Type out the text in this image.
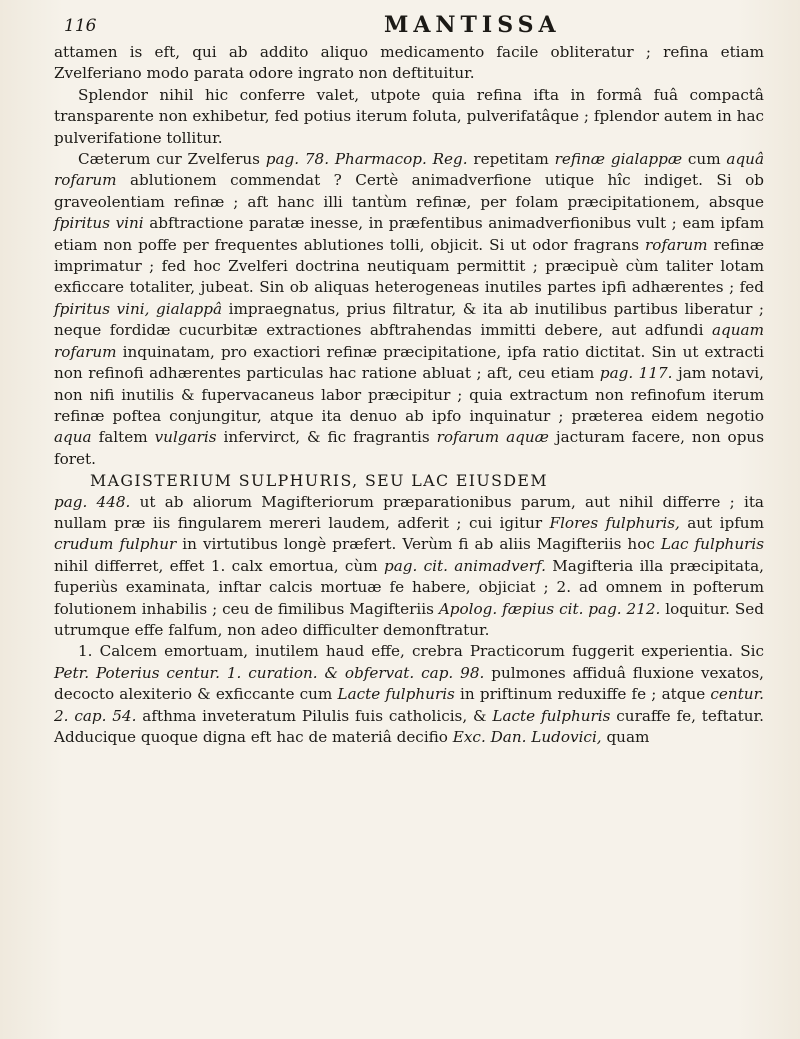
116	MANTISSA

attamen is eft, qui ab addito aliquo medicamento facile obliteratur ; refina etiam Zvelferiano modo parata odore ingrato non deftituitur.

Splendor nihil hic conferre valet, utpote quia refina ifta in formâ fuâ compactâ transparente non exhibetur, fed potius iterum foluta, pulverifatâque ; fplendor autem in hac pulverifatione tollitur.

Cæterum cur Zvelferus pag. 78. Pharmacop. Reg. repetitam refinæ gialappæ cum aquâ rofarum ablutionem commendat ? Certè animadverfione utique hîc indiget. Si ob graveolentiam refinæ ; aft hanc illi tantùm refinæ, per folam præcipitationem, absque fpiritus vini abftractione paratæ inesse, in præfentibus animadverfionibus vult ; eam ipfam etiam non poffe per frequentes ablutiones tolli, objicit. Si ut odor fragrans rofarum refinæ imprimatur ; fed hoc Zvelferi doctrina neutiquam permittit ; præcipuè cùm taliter lotam exficcare totaliter, jubeat. Sin ob aliquas heterogeneas inutiles partes ipfi adhærentes ; fed fpiritus vini, gialappâ impraegnatus, prius filtratur, & ita ab inutilibus partibus liberatur ; neque fordidæ cucurbitæ extractiones abftrahendas immitti debere, aut adfundi aquam rofarum inquinatam, pro exactiori refinæ præcipitatione, ipfa ratio dictitat. Sin ut extracti non refinofi adhærentes particulas hac ratione abluat ; aft, ceu etiam pag. 117. jam notavi, non nifi inutilis & fupervacaneus labor præcipitur ; quia extractum non refinofum iterum refinæ poftea conjungitur, atque ita denuo ab ipfo inquinatur ; præterea eidem negotio aqua faltem vulgaris infervirct, & fic fragrantis rofarum aquæ jacturam facere, non opus foret.

MAGISTERIUM SULPHURIS, SEU LAC EIUSDEM

pag. 448. ut ab aliorum Magifteriorum præparationibus parum, aut nihil differre ; ita nullam præ iis fingularem mereri laudem, adferit ; cui igitur Flores fulphuris, aut ipfum crudum fulphur in virtutibus longè præfert. Verùm fi ab aliis Magifteriis hoc Lac fulphuris nihil differret, effet 1. calx emortua, cùm pag. cit. animadverf. Magifteria illa præcipitata, fuperiùs examinata, inftar calcis mortuæ fe habere, objiciat ; 2. ad omnem in pofterum folutionem inhabilis ; ceu de fimilibus Magifteriis Apolog. fæpius cit. pag. 212. loquitur. Sed utrumque effe falfum, non adeo difficulter demonftratur.

1. Calcem emortuam, inutilem haud effe, crebra Practicorum fuggerit experientia. Sic Petr. Poterius centur. 1. curation. & obfervat. cap. 98. pulmones affiduâ fluxione vexatos, decocto alexiterio & exficcante cum Lacte fulphuris in priftinum reduxiffe fe ; atque centur. 2. cap. 54. afthma inveteratum Pilulis fuis catholicis, & Lacte fulphuris curaffe fe, teftatur. Adducique quoque digna eft hac de materiâ decifio Exc. Dan. Ludovici, quam
